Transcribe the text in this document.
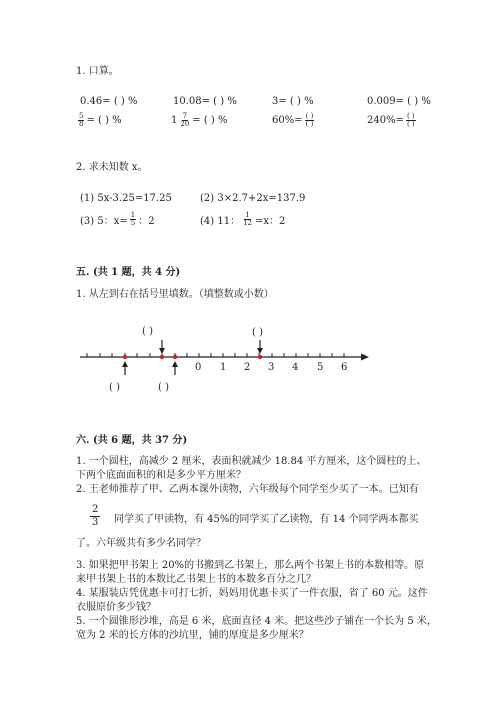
1. 口算。
0.46= ( ) %	10.08= ( ) %	3= ( ) %	0.009= ( ) %
$\frac{5}{8}$ = ( ) %	$1 \frac{7}{20}$ = ( ) %	$60\%= \frac{( )}{( )}$	$240\%= \frac{( )}{( )}$
2. 求未知数 x。
(1) 5x-3.25=17.25	(2) 3×2.7+2x=137.9
(3) 5：$x= \frac{1}{5}$ ：2	(4) 11： $\frac{1}{12} =x$：2
五. (共 1 题，共 4 分)
1. 从左到右在括号里填数。（填整数或小数）
( )	( )
( )	( )
0 1 2 3 4 5 6
六. (共 6 题，共 37 分)
1. 一个圆柱，高减少 2 厘米，表面积就减少 18.84 平方厘米，这个圆柱的上、
下两个底面面积的和是多少平方厘米？
2. 王老师推荐了甲、乙两本课外读物，六年级每个同学至少买了一本。已知有
$\frac{2}{3}$ 同学买了甲读物，有 45%的同学买了乙读物，有 14 个同学两本都买
了。六年级共有多少名同学？
3. 如果把甲书架上 20%的书搬到乙书架上，那么两个书架上书的本数相等。原
来甲书架上书的本数比乙书架上书的本数多百分之几？
4. 某服装店凭优惠卡可打七折，妈妈用优惠卡买了一件衣服，省了 60 元。这件
衣服原价多少钱？
5. 一个圆锥形沙堆，高是 6 米，底面直径 4 米。把这些沙子铺在一个长为 5 米，
宽为 2 米的长方体的沙坑里，铺的厚度是多少厘米？
